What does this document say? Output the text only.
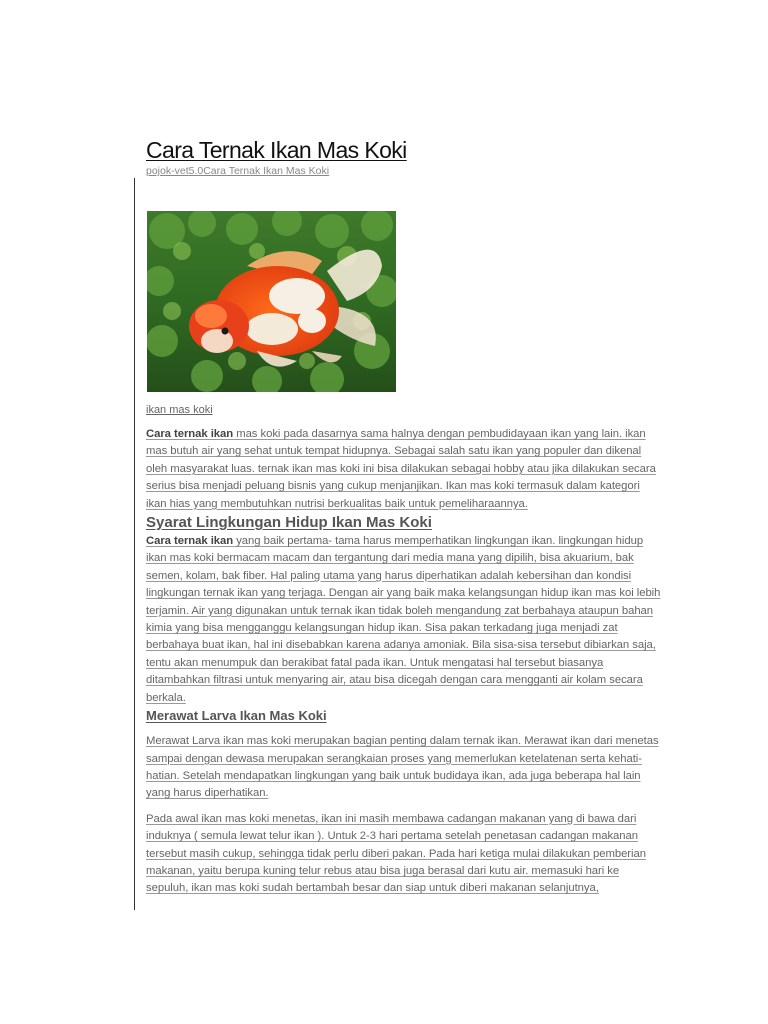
Cara Ternak Ikan Mas Koki
pojok-vet5.0Cara Ternak Ikan Mas Koki

ikan mas koki

Cara ternak ikan mas koki pada dasarnya sama halnya dengan pembudidayaan ikan yang lain. ikan mas butuh air yang sehat untuk tempat hidupnya. Sebagai salah satu ikan yang populer dan dikenal oleh masyarakat luas. ternak ikan mas koki ini bisa dilakukan sebagai hobby atau jika dilakukan secara serius bisa menjadi peluang bisnis yang cukup menjanjikan. Ikan mas koki termasuk dalam kategori ikan hias yang membutuhkan nutrisi berkualitas baik untuk pemeliharaannya.

Syarat Lingkungan Hidup Ikan Mas Koki

Cara ternak ikan yang baik pertama- tama harus memperhatikan lingkungan ikan. lingkungan hidup ikan mas koki bermacam macam dan tergantung dari media mana yang dipilih, bisa akuarium, bak semen, kolam, bak fiber. Hal paling utama yang harus diperhatikan adalah kebersihan dan kondisi lingkungan ternak ikan yang terjaga. Dengan air yang baik maka kelangsungan hidup ikan mas koi lebih terjamin. Air yang digunakan untuk ternak ikan tidak boleh mengandung zat berbahaya ataupun bahan kimia yang bisa mengganggu kelangsungan hidup ikan. Sisa pakan terkadang juga menjadi zat berbahaya buat ikan, hal ini disebabkan karena adanya amoniak. Bila sisa-sisa tersebut dibiarkan saja, tentu akan menumpuk dan berakibat fatal pada ikan. Untuk mengatasi hal tersebut biasanya ditambahkan filtrasi untuk menyaring air, atau bisa dicegah dengan cara mengganti air kolam secara berkala.

Merawat Larva Ikan Mas Koki

Merawat Larva ikan mas koki merupakan bagian penting dalam ternak ikan. Merawat ikan dari menetas sampai dengan dewasa merupakan serangkaian proses yang memerlukan ketelatenan serta kehati-hatian. Setelah mendapatkan lingkungan yang baik untuk budidaya ikan, ada juga beberapa hal lain yang harus diperhatikan.

Pada awal ikan mas koki menetas, ikan ini masih membawa cadangan makanan yang di bawa dari induknya ( semula lewat telur ikan ). Untuk 2-3 hari pertama setelah penetasan cadangan makanan tersebut masih cukup, sehingga tidak perlu diberi pakan. Pada hari ketiga mulai dilakukan pemberian makanan, yaitu berupa kuning telur rebus atau bisa juga berasal dari kutu air. memasuki hari ke sepuluh, ikan mas koki sudah bertambah besar dan siap untuk diberi makanan selanjutnya,
